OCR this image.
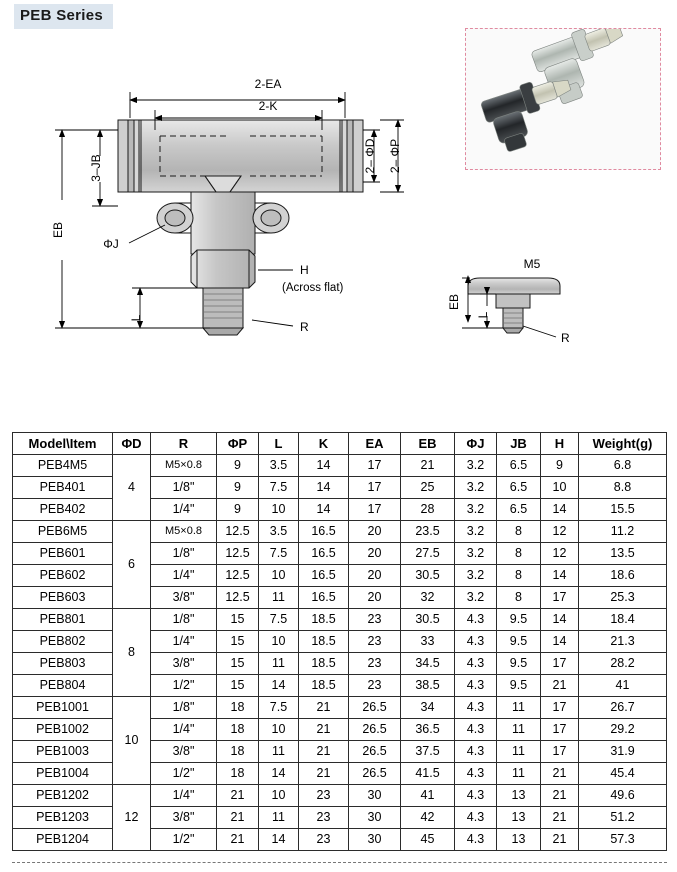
PEB Series
2-EA
2-K
2– ΦD 2– ΦP
3–JB
EB
L
ΦJ
H
(Across flat)
R
M5
EB
L
R
Model\Item	ΦD	R	ΦP	L	K	EA	EB	ΦJ	JB	H	Weight(g)
PEB4M5	4	M5×0.8	9	3.5	14	17	21	3.2	6.5	9	6.8
PEB401		1/8"	9	7.5	14	17	25	3.2	6.5	10	8.8
PEB402		1/4"	9	10	14	17	28	3.2	6.5	14	15.5
PEB6M5	6	M5×0.8	12.5	3.5	16.5	20	23.5	3.2	8	12	11.2
PEB601		1/8"	12.5	7.5	16.5	20	27.5	3.2	8	12	13.5
PEB602		1/4"	12.5	10	16.5	20	30.5	3.2	8	14	18.6
PEB603		3/8"	12.5	11	16.5	20	32	3.2	8	17	25.3
PEB801	8	1/8"	15	7.5	18.5	23	30.5	4.3	9.5	14	18.4
PEB802		1/4"	15	10	18.5	23	33	4.3	9.5	14	21.3
PEB803		3/8"	15	11	18.5	23	34.5	4.3	9.5	17	28.2
PEB804		1/2"	15	14	18.5	23	38.5	4.3	9.5	21	41
PEB1001	10	1/8"	18	7.5	21	26.5	34	4.3	11	17	26.7
PEB1002		1/4"	18	10	21	26.5	36.5	4.3	11	17	29.2
PEB1003		3/8"	18	11	21	26.5	37.5	4.3	11	17	31.9
PEB1004		1/2"	18	14	21	26.5	41.5	4.3	11	21	45.4
PEB1202	12	1/4"	21	10	23	30	41	4.3	13	21	49.6
PEB1203		3/8"	21	11	23	30	42	4.3	13	21	51.2
PEB1204		1/2"	21	14	23	30	45	4.3	13	21	57.3
